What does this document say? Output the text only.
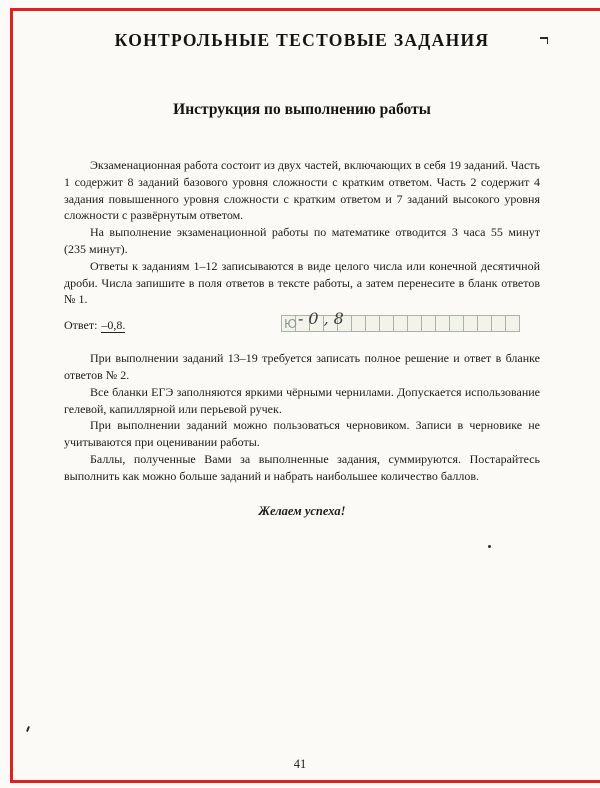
КОНТРОЛЬНЫЕ ТЕСТОВЫЕ ЗАДАНИЯ
Инструкция по выполнению работы

Экзаменационная работа состоит из двух частей, включающих в себя 19 заданий. Часть 1 содержит 8 заданий базового уровня сложности с кратким ответом. Часть 2 содержит 4 задания повышенного уровня сложности с кратким ответом и 7 заданий высокого уровня сложности с развёрнутым ответом.

На выполнение экзаменационной работы по математике отводится 3 часа 55 минут (235 минут).

Ответы к заданиям 1–12 записываются в виде целого числа или конечной десятичной дроби. Числа запишите в поля ответов в тексте работы, а затем перенесите в бланк ответов № 1.

Ответ: –0,8.	Ю -0,8

При выполнении заданий 13–19 требуется записать полное решение и ответ в бланке ответов № 2.

Все бланки ЕГЭ заполняются яркими чёрными чернилами. Допускается использование гелевой, капиллярной или перьевой ручек.

При выполнении заданий можно пользоваться черновиком. Записи в черновике не учитываются при оценивании работы.

Баллы, полученные Вами за выполненные задания, суммируются. Постарайтесь выполнить как можно больше заданий и набрать наибольшее количество баллов.

Желаем успеха!
41
